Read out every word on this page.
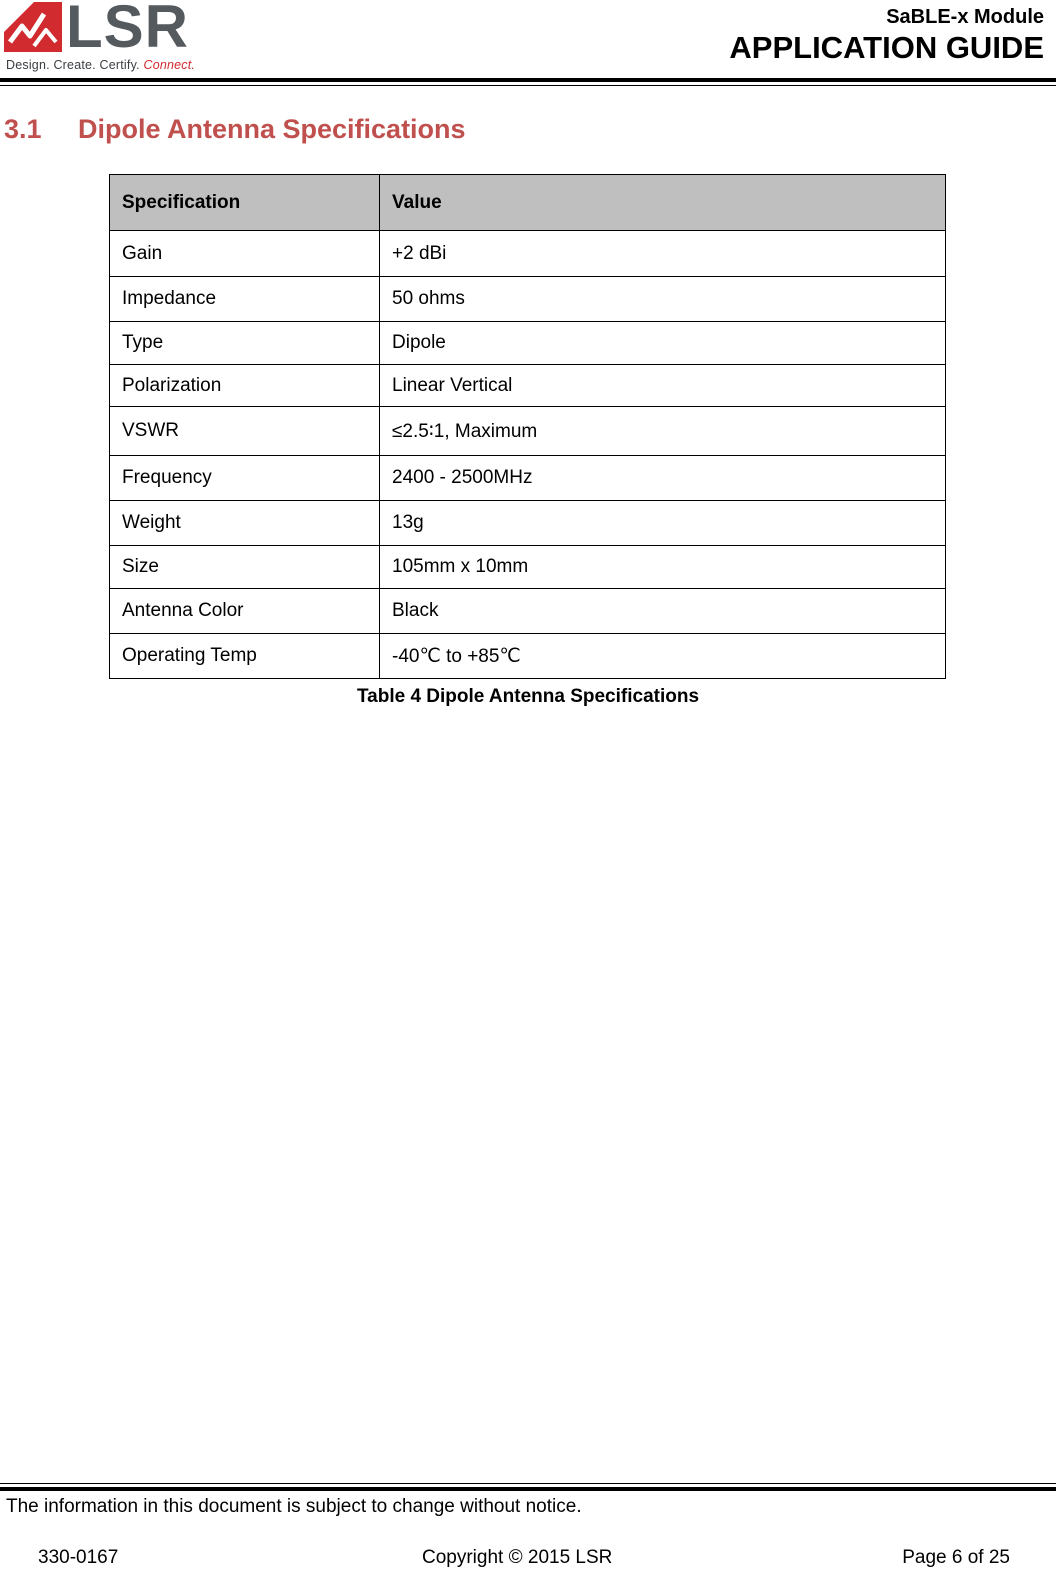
LSR
Design. Create. Certify. Connect.
SaBLE-x Module
APPLICATION GUIDE
3.1 Dipole Antenna Specifications
Specification	Value
Gain	+2 dBi
Impedance	50 ohms
Type	Dipole
Polarization	Linear Vertical
VSWR	≤2.5∶1, Maximum
Frequency	2400 - 2500MHz
Weight	13g
Size	105mm x 10mm
Antenna Color	Black
Operating Temp	-40℃ to +85℃
Table 4 Dipole Antenna Specifications
The information in this document is subject to change without notice.
330-0167	Copyright © 2015 LSR	Page 6 of 25
